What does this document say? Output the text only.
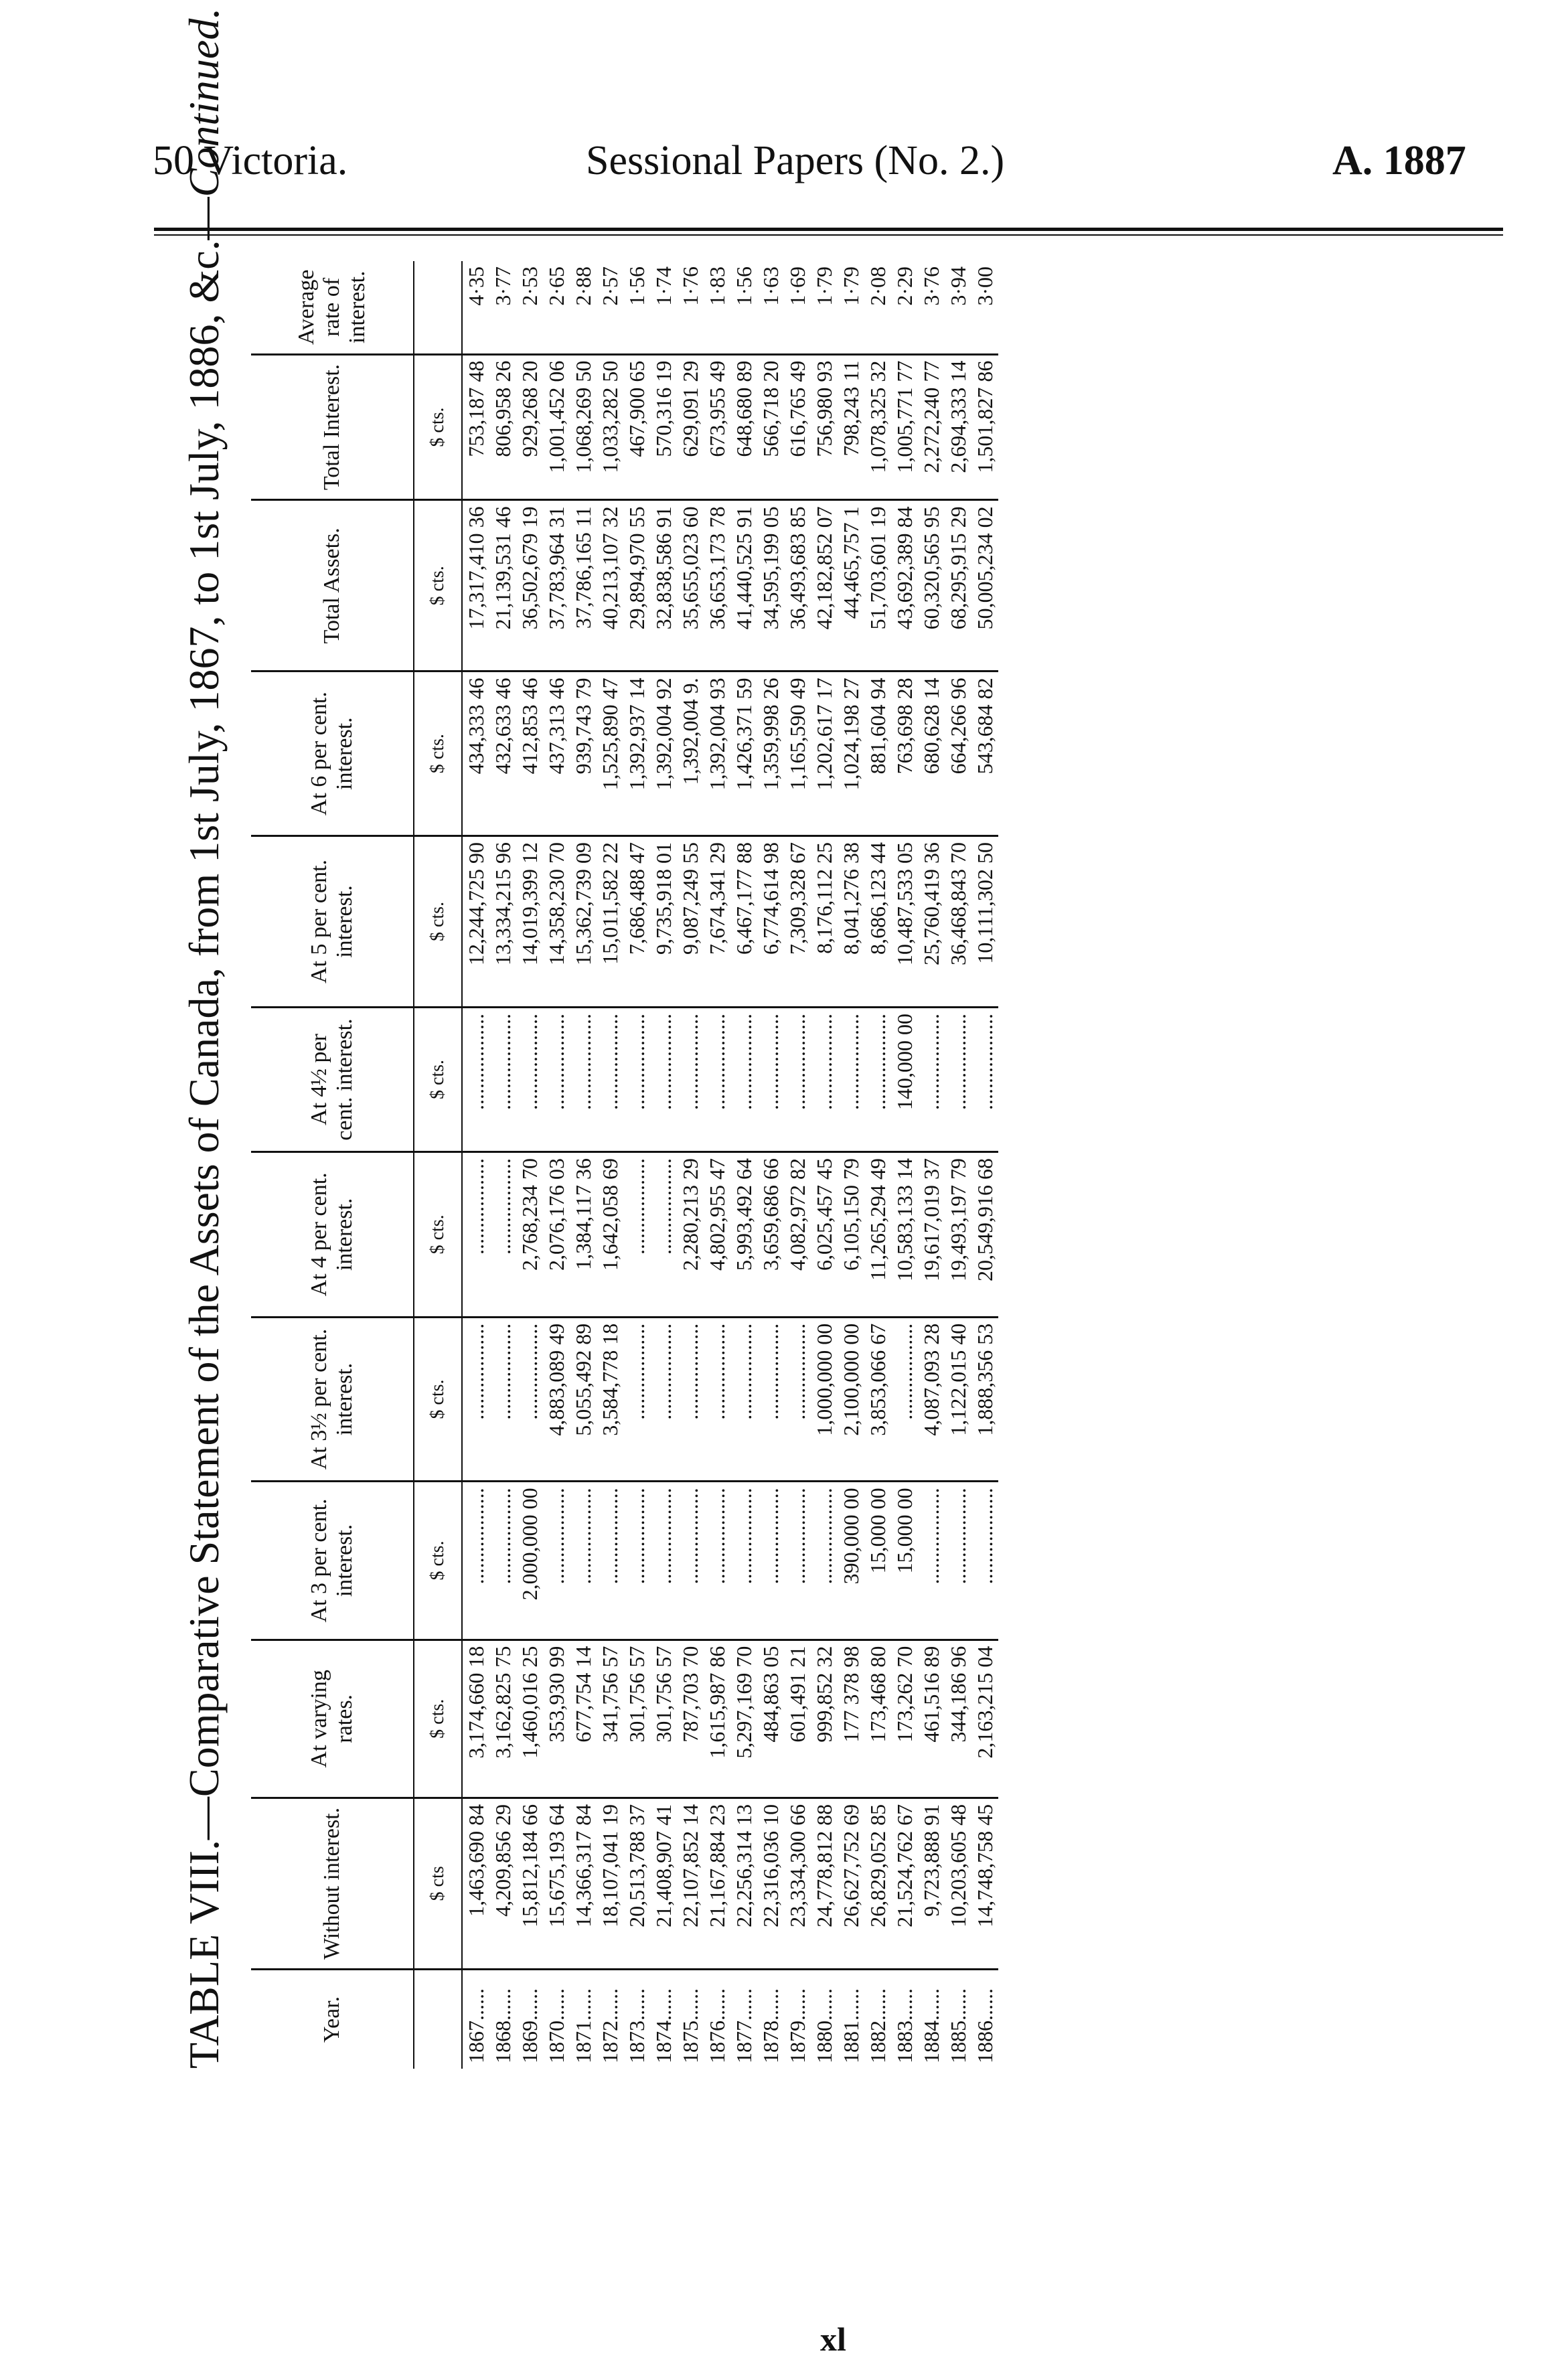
50 Victoria.	Sessional Papers (No. 2.)	A. 1887
TABLE VIII.—Comparative Statement of the Assets of Canada, from 1st July, 1867, to 1st July, 1886, &c.—Continued.
Year.	Without interest.	At varying rates.	At 3 per cent. interest.	At 3½ per cent. interest.	At 4 per cent. interest.	At 4½ per cent. interest.	At 5 per cent. interest.	At 6 per cent. interest.	Total Assets.	Total Interest.	Average rate of interest.
	$ cts	$ cts.	$ cts.	$ cts.	$ cts.	$ cts.	$ cts.	$ cts.	$ cts.	$ cts.	
1867......	1,463,690 84	3,174,660 18	..................	..................	..................	..................	12,244,725 90	434,333 46	17,317,410 36	753,187 48	4·35
1868......	4,209,856 29	3,162,825 75	..................	..................	..................	..................	13,334,215 96	432,633 46	21,139,531 46	806,958 26	3·77
1869......	15,812,184 66	1,460,016 25	2,000,000 00	..................	2,768,234 70	..................	14,019,399 12	412,853 46	36,502,679 19	929,268 20	2·53
1870......	15,675,193 64	353,930 99	..................	4,883,089 49	2,076,176 03	..................	14,358,230 70	437,313 46	37,783,964 31	1,001,452 06	2·65
1871......	14,366,317 84	677,754 14	..................	5,055,492 89	1,384,117 36	..................	15,362,739 09	939,743 79	37,786,165 11	1,068,269 50	2·88
1872......	18,107,041 19	341,756 57	..................	3,584,778 18	1,642,058 69	..................	15,011,582 22	1,525,890 47	40,213,107 32	1,033,282 50	2·57
1873......	20,513,788 37	301,756 57	..................	..................	..................	..................	7,686,488 47	1,392,937 14	29,894,970 55	467,900 65	1·56
1874......	21,408,907 41	301,756 57	..................	..................	..................	..................	9,735,918 01	1,392,004 92	32,838,586 91	570,316 19	1·74
1875......	22,107,852 14	787,703 70	..................	..................	2,280,213 29	..................	9,087,249 55	1,392,004 9.	35,655,023 60	629,091 29	1·76
1876......	21,167,884 23	1,615,987 86	..................	..................	4,802,955 47	..................	7,674,341 29	1,392,004 93	36,653,173 78	673,955 49	1·83
1877......	22,256,314 13	5,297,169 70	..................	..................	5,993,492 64	..................	6,467,177 88	1,426,371 59	41,440,525 91	648,680 89	1·56
1878......	22,316,036 10	484,863 05	..................	..................	3,659,686 66	..................	6,774,614 98	1,359,998 26	34,595,199 05	566,718 20	1·63
1879......	23,334,300 66	601,491 21	..................	..................	4,082,972 82	..................	7,309,328 67	1,165,590 49	36,493,683 85	616,765 49	1·69
1880......	24,778,812 88	999,852 32	..................	1,000,000 00	6,025,457 45	..................	8,176,112 25	1,202,617 17	42,182,852 07	756,980 93	1·79
1881......	26,627,752 69	177 378 98	390,000 00	2,100,000 00	6,105,150 79	..................	8,041,276 38	1,024,198 27	44,465,757 1	798,243 11	1·79
1882......	26,829,052 85	173,468 80	15,000 00	3,853,066 67	11,265,294 49	..................	8,686,123 44	881,604 94	51,703,601 19	1,078,325 32	2·08
1883......	21,524,762 67	173,262 70	15,000 00	..................	10,583,133 14	140,000 00	10,487,533 05	763,698 28	43,692,389 84	1,005,771 77	2·29
1884......	9,723,888 91	461,516 89	..................	4,087,093 28	19,617,019 37	..................	25,760,419 36	680,628 14	60,320,565 95	2,272,240 77	3·76
1885......	10,203,605 48	344,186 96	..................	1,122,015 40	19,493,197 79	..................	36,468,843 70	664,266 96	68,295,915 29	2,694,333 14	3·94
1886......	14,748,758 45	2,163,215 04	..................	1,888,356 53	20,549,916 68	..................	10,111,302 50	543,684 82	50,005,234 02	1,501,827 86	3·00
xl
